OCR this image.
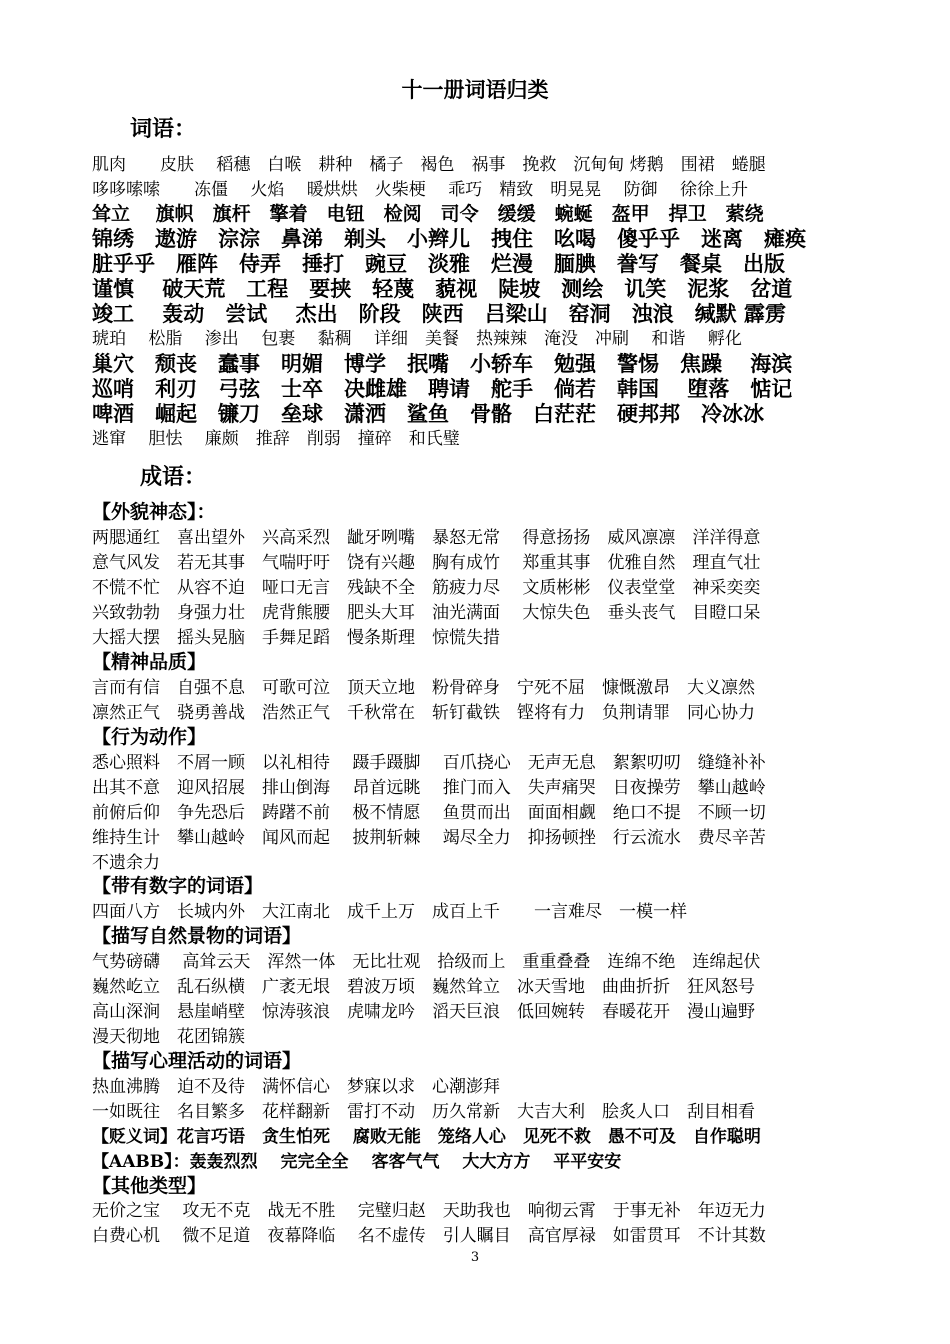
十一册词语归类
词语：
肌肉　　皮肤　 稻穗　白喉　耕种　橘子　褐色　祸事　挽救　沉甸甸 烤鹅　围裙　蜷腿
哆哆嗦嗦　　冻僵　 火焰　 暖烘烘　火柴梗　 乖巧　精致　明晃晃　 防御　 徐徐上升
耸立　 旗帜　旗杆　擎着　电钮　检阅　司令　缓缓　蜿蜒　盔甲　捍卫　萦绕
锦绣　遨游　淙淙　鼻涕　剃头　小辫儿　拽住　吆喝　傻乎乎　迷离　瘫痪
脏乎乎　雁阵　侍弄　捶打　豌豆　淡雅　烂漫　腼腆　誊写　餐桌　出版
谨慎　 破天荒　工程　要挟　轻蔑　藐视　陡坡　测绘　讥笑　泥浆　岔道
竣工　 轰动　尝试　 杰出　阶段　陕西　吕梁山　窑洞　浊浪　缄默 霹雳
琥珀　 松脂　 渗出　 包裹　 黏稠　 详细　美餐　热辣辣　淹没　冲刷　 和谐　 孵化
巢穴　颓丧　蠢事　明媚　博学　抿嘴　小轿车　勉强　警惕　焦躁　 海滨
巡哨　利刃　弓弦　士卒　决雌雄　聘请　舵手　倘若　韩国　 堕落　惦记
啤酒　崛起　镰刀　垒球　潇洒　鲨鱼　骨骼　白茫茫　硬邦邦　冷冰冰
逃窜　 胆怯　 廉颇　推辞　削弱　撞碎　和氏璧
成语：
【外貌神态】：
两腮通红　喜出望外　兴高采烈　龇牙咧嘴　暴怒无常　 得意扬扬　威风凛凛　洋洋得意
意气风发　若无其事　气喘吁吁　饶有兴趣　胸有成竹　 郑重其事　优雅自然　理直气壮
不慌不忙　从容不迫　哑口无言　残缺不全　筋疲力尽　 文质彬彬　仪表堂堂　神采奕奕
兴致勃勃　身强力壮　虎背熊腰　肥头大耳　油光满面　 大惊失色　垂头丧气　目瞪口呆
大摇大摆　摇头晃脑　手舞足蹈　慢条斯理　惊慌失措
【精神品质】
言而有信　自强不息　可歌可泣　顶天立地　粉骨碎身　宁死不屈　慷慨激昂　大义凛然
凛然正气　骁勇善战　浩然正气　千秋常在　斩钉截铁　铿将有力　负荆请罪　同心协力
【行为动作】
悉心照料　不屑一顾　以礼相待　 蹑手蹑脚　 百爪挠心　无声无息　絮絮叨叨　缝缝补补
出其不意　迎风招展　排山倒海　 昂首远眺　 推门而入　失声痛哭　日夜操劳　攀山越岭
前俯后仰　争先恐后　踌躇不前　 极不情愿　 鱼贯而出　面面相觑　绝口不提　不顾一切
维持生计　攀山越岭　闻风而起　 披荆斩棘　 竭尽全力　抑扬顿挫　行云流水　费尽辛苦
不遗余力
【带有数字的词语】
四面八方　长城内外　大江南北　成千上万　成百上千　　一言难尽　一模一样
【描写自然景物的词语】
气势磅礴　 高耸云天　浑然一体　无比壮观　拾级而上　重重叠叠　连绵不绝　连绵起伏
巍然屹立　乱石纵横　广袤无垠　碧波万顷　巍然耸立　冰天雪地　曲曲折折　狂风怒号
高山深涧　悬崖峭壁　惊涛骇浪　虎啸龙吟　滔天巨浪　低回婉转　春暖花开　漫山遍野
漫天彻地　花团锦簇
【描写心理活动的词语】
热血沸腾　迫不及待　满怀信心　梦寐以求　心潮澎拜
一如既往　名目繁多　花样翻新　雷打不动　历久常新　大吉大利　脍炙人口　刮目相看
【贬义词】花言巧语　贪生怕死　 腐败无能　笼络人心　见死不救　愚不可及　自作聪明
【AABB】：轰轰烈烈　 完完全全　 客客气气　 大大方方　 平平安安
【其他类型】
无价之宝　 攻无不克　战无不胜　 完璧归赵　天助我也　响彻云霄　于事无补　年迈无力
白费心机　 微不足道　夜幕降临　 名不虚传　引人瞩目　高官厚禄　如雷贯耳　不计其数
3
